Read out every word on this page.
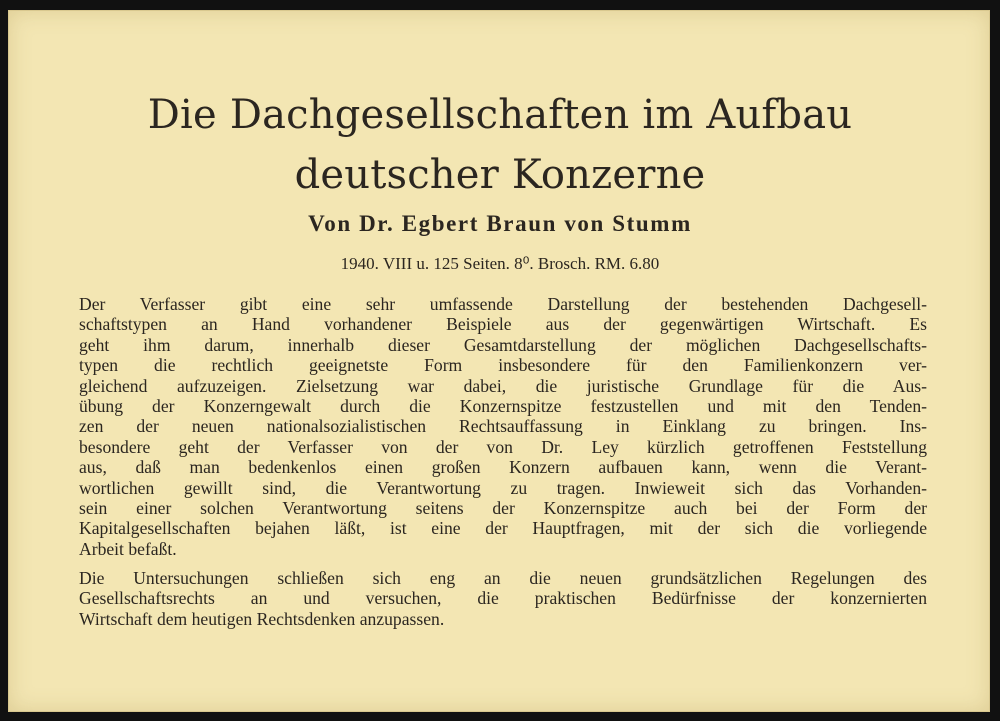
Die Dachgesellschaften im Aufbau
deutscher Konzerne
Von Dr. Egbert Braun von Stumm
1940. VIII u. 125 Seiten. 8⁰. Brosch. RM. 6.80
Der Verfasser gibt eine sehr umfassende Darstellung der bestehenden Dachgesell-
schaftstypen an Hand vorhandener Beispiele aus der gegenwärtigen Wirtschaft. Es
geht ihm darum, innerhalb dieser Gesamtdarstellung der möglichen Dachgesellschafts-
typen die rechtlich geeignetste Form insbesondere für den Familienkonzern ver-
gleichend aufzuzeigen. Zielsetzung war dabei, die juristische Grundlage für die Aus-
übung der Konzerngewalt durch die Konzernspitze festzustellen und mit den Tenden-
zen der neuen nationalsozialistischen Rechtsauffassung in Einklang zu bringen. Ins-
besondere geht der Verfasser von der von Dr. Ley kürzlich getroffenen Feststellung
aus, daß man bedenkenlos einen großen Konzern aufbauen kann, wenn die Verant-
wortlichen gewillt sind, die Verantwortung zu tragen. Inwieweit sich das Vorhanden-
sein einer solchen Verantwortung seitens der Konzernspitze auch bei der Form der
Kapitalgesellschaften bejahen läßt, ist eine der Hauptfragen, mit der sich die vorliegende
Arbeit befaßt.
Die Untersuchungen schließen sich eng an die neuen grundsätzlichen Regelungen des
Gesellschaftsrechts an und versuchen, die praktischen Bedürfnisse der konzernierten
Wirtschaft dem heutigen Rechtsdenken anzupassen.
